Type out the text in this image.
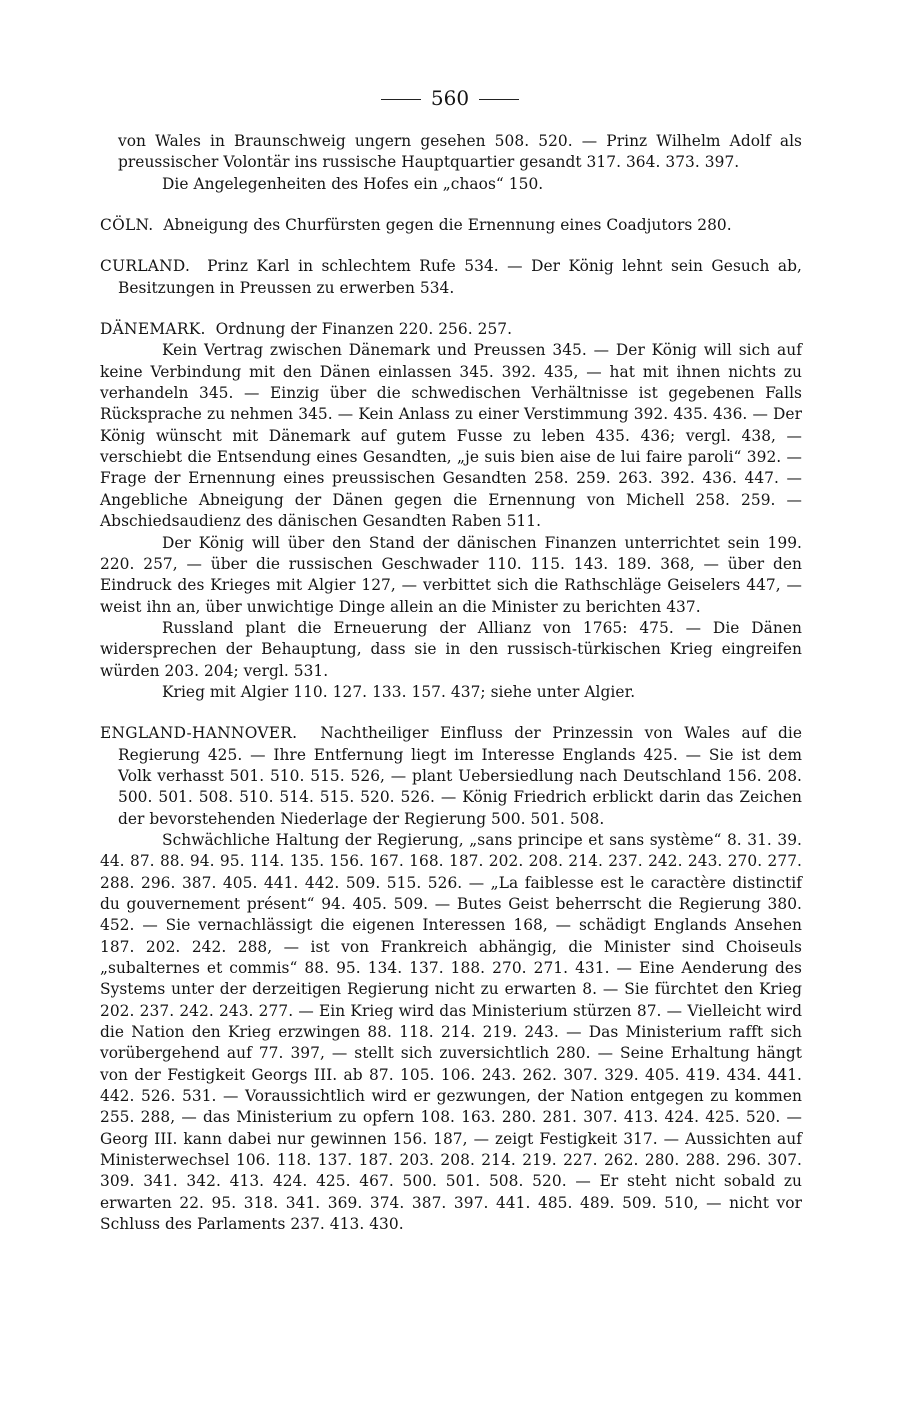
560

von Wales in Braunschweig ungern gesehen 508. 520. — Prinz Wilhelm Adolf als preussischer Volontär ins russische Hauptquartier gesandt 317. 364. 373. 397.

Die Angelegenheiten des Hofes ein „chaos“ 150.

CÖLN. Abneigung des Churfürsten gegen die Ernennung eines Coadjutors 280.

CURLAND. Prinz Karl in schlechtem Rufe 534. — Der König lehnt sein Gesuch ab, Besitzungen in Preussen zu erwerben 534.

DÄNEMARK. Ordnung der Finanzen 220. 256. 257.

Kein Vertrag zwischen Dänemark und Preussen 345. — Der König will sich auf keine Verbindung mit den Dänen einlassen 345. 392. 435, — hat mit ihnen nichts zu verhandeln 345. — Einzig über die schwedischen Verhältnisse ist gegebenen Falls Rücksprache zu nehmen 345. — Kein Anlass zu einer Verstimmung 392. 435. 436. — Der König wünscht mit Dänemark auf gutem Fusse zu leben 435. 436; vergl. 438, — verschiebt die Entsendung eines Gesandten, „je suis bien aise de lui faire paroli“ 392. — Frage der Ernennung eines preussischen Gesandten 258. 259. 263. 392. 436. 447. — Angebliche Abneigung der Dänen gegen die Ernennung von Michell 258. 259. — Abschiedsaudienz des dänischen Gesandten Raben 511.

Der König will über den Stand der dänischen Finanzen unterrichtet sein 199. 220. 257, — über die russischen Geschwader 110. 115. 143. 189. 368, — über den Eindruck des Krieges mit Algier 127, — verbittet sich die Rathschläge Geiselers 447, — weist ihn an, über unwichtige Dinge allein an die Minister zu berichten 437.

Russland plant die Erneuerung der Allianz von 1765: 475. — Die Dänen widersprechen der Behauptung, dass sie in den russisch-türkischen Krieg eingreifen würden 203. 204; vergl. 531.

Krieg mit Algier 110. 127. 133. 157. 437; siehe unter Algier.

ENGLAND-HANNOVER. Nachtheiliger Einfluss der Prinzessin von Wales auf die Regierung 425. — Ihre Entfernung liegt im Interesse Englands 425. — Sie ist dem Volk verhasst 501. 510. 515. 526, — plant Uebersiedlung nach Deutschland 156. 208. 500. 501. 508. 510. 514. 515. 520. 526. — König Friedrich erblickt darin das Zeichen der bevorstehenden Niederlage der Regierung 500. 501. 508.

Schwächliche Haltung der Regierung, „sans principe et sans système“ 8. 31. 39. 44. 87. 88. 94. 95. 114. 135. 156. 167. 168. 187. 202. 208. 214. 237. 242. 243. 270. 277. 288. 296. 387. 405. 441. 442. 509. 515. 526. — „La faiblesse est le caractère distinctif du gouvernement présent“ 94. 405. 509. — Butes Geist beherrscht die Regierung 380. 452. — Sie vernachlässigt die eigenen Interessen 168, — schädigt Englands Ansehen 187. 202. 242. 288, — ist von Frankreich abhängig, die Minister sind Choiseuls „subalternes et commis“ 88. 95. 134. 137. 188. 270. 271. 431. — Eine Aenderung des Systems unter der derzeitigen Regierung nicht zu erwarten 8. — Sie fürchtet den Krieg 202. 237. 242. 243. 277. — Ein Krieg wird das Ministerium stürzen 87. — Vielleicht wird die Nation den Krieg erzwingen 88. 118. 214. 219. 243. — Das Ministerium rafft sich vorübergehend auf 77. 397, — stellt sich zuversichtlich 280. — Seine Erhaltung hängt von der Festigkeit Georgs III. ab 87. 105. 106. 243. 262. 307. 329. 405. 419. 434. 441. 442. 526. 531. — Voraussichtlich wird er gezwungen, der Nation entgegen zu kommen 255. 288, — das Ministerium zu opfern 108. 163. 280. 281. 307. 413. 424. 425. 520. — Georg III. kann dabei nur gewinnen 156. 187, — zeigt Festigkeit 317. — Aussichten auf Ministerwechsel 106. 118. 137. 187. 203. 208. 214. 219. 227. 262. 280. 288. 296. 307. 309. 341. 342. 413. 424. 425. 467. 500. 501. 508. 520. — Er steht nicht sobald zu erwarten 22. 95. 318. 341. 369. 374. 387. 397. 441. 485. 489. 509. 510, — nicht vor Schluss des Parlaments 237. 413. 430.
